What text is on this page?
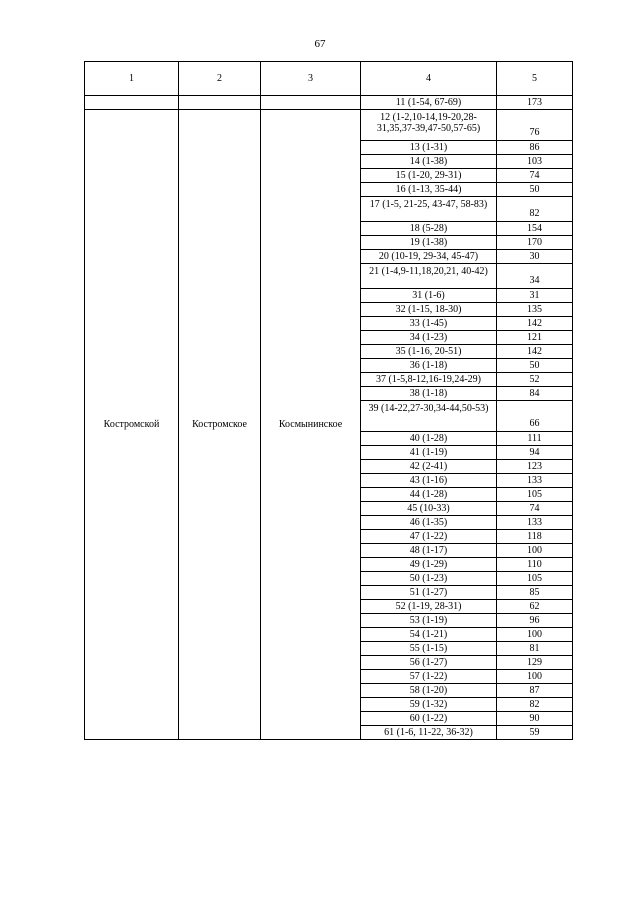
67
1	2	3	4	5
			11 (1-54, 67-69)	173
Костромской	Костромское	Космынинское	12 (1-2,10-14,19-20,28-31,35,37-39,47-50,57-65)	76
			13 (1-31)	86
			14 (1-38)	103
			15 (1-20, 29-31)	74
			16 (1-13, 35-44)	50
			17 (1-5, 21-25, 43-47, 58-83)	82
			18 (5-28)	154
			19 (1-38)	170
			20 (10-19, 29-34, 45-47)	30
			21 (1-4,9-11,18,20,21, 40-42)	34
			31 (1-6)	31
			32 (1-15, 18-30)	135
			33 (1-45)	142
			34 (1-23)	121
			35 (1-16, 20-51)	142
			36 (1-18)	50
			37 (1-5,8-12,16-19,24-29)	52
			38 (1-18)	84
			39 (14-22,27-30,34-44,50-53)	66
			40 (1-28)	111
			41 (1-19)	94
			42 (2-41)	123
			43 (1-16)	133
			44 (1-28)	105
			45 (10-33)	74
			46 (1-35)	133
			47 (1-22)	118
			48 (1-17)	100
			49 (1-29)	110
			50 (1-23)	105
			51 (1-27)	85
			52 (1-19, 28-31)	62
			53 (1-19)	96
			54 (1-21)	100
			55 (1-15)	81
			56 (1-27)	129
			57 (1-22)	100
			58 (1-20)	87
			59 (1-32)	82
			60 (1-22)	90
			61 (1-6, 11-22, 36-32)	59
